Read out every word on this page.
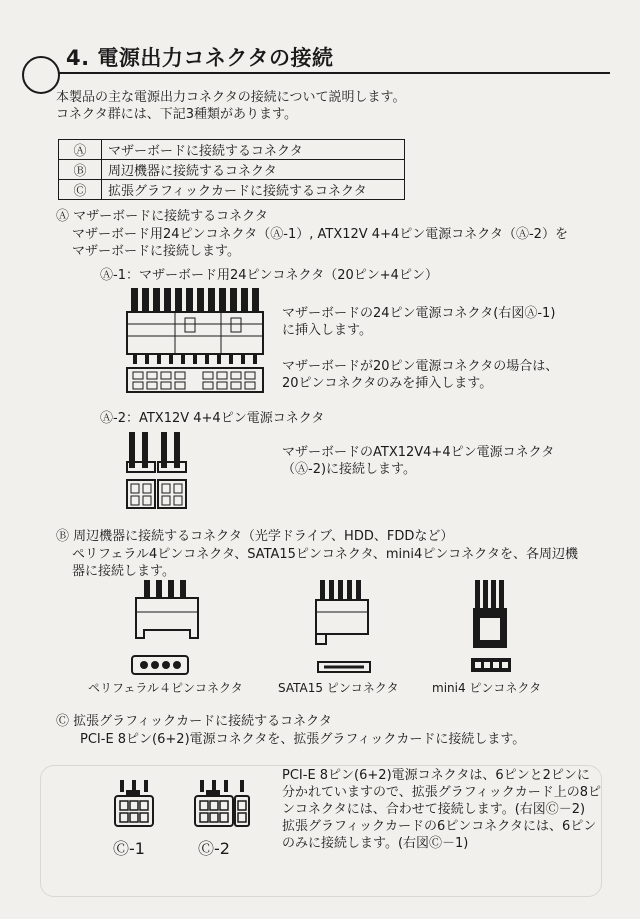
4. 電源出力コネクタの接続
本製品の主な電源出力コネクタの接続について説明します。
コネクタ群には、下記3種類があります。
Ⓐ	マザーボードに接続するコネクタ
Ⓑ	周辺機器に接続するコネクタ
Ⓒ	拡張グラフィックカードに接続するコネクタ
Ⓐ マザーボードに接続するコネクタ
マザーボード用24ピンコネクタ（Ⓐ-1）, ATX12V 4+4ピン電源コネクタ（Ⓐ-2）を
マザーボードに接続します。
Ⓐ-1：マザーボード用24ピンコネクタ（20ピン+4ピン）
マザーボードの24ピン電源コネクタ(右図Ⓐ-1)
に挿入します。
マザーボードが20ピン電源コネクタの場合は、
20ピンコネクタのみを挿入します。
Ⓐ-2：ATX12V 4+4ピン電源コネクタ
マザーボードのATX12V4+4ピン電源コネクタ
（Ⓐ-2)に接続します。
Ⓑ 周辺機器に接続するコネクタ（光学ドライブ、HDD、FDDなど）
ペリフェラル4ピンコネクタ、SATA15ピンコネクタ、mini4ピンコネクタを、各周辺機
器に接続します。
ペリフェラル４ピンコネクタ	SATA15 ピンコネクタ	mini4 ピンコネクタ
Ⓒ 拡張グラフィックカードに接続するコネクタ
PCI-E 8ピン(6+2)電源コネクタを、拡張グラフィックカードに接続します。
Ⓒ-1	Ⓒ-2
PCI-E 8ピン(6+2)電源コネクタは、6ピンと2ピンに
分かれていますので、拡張グラフィックカード上の8ピ
ンコネクタには、合わせて接続します。(右図Ⓒ－2)
拡張グラフィックカードの6ピンコネクタには、6ピン
のみに接続します。(右図Ⓒ－1)
